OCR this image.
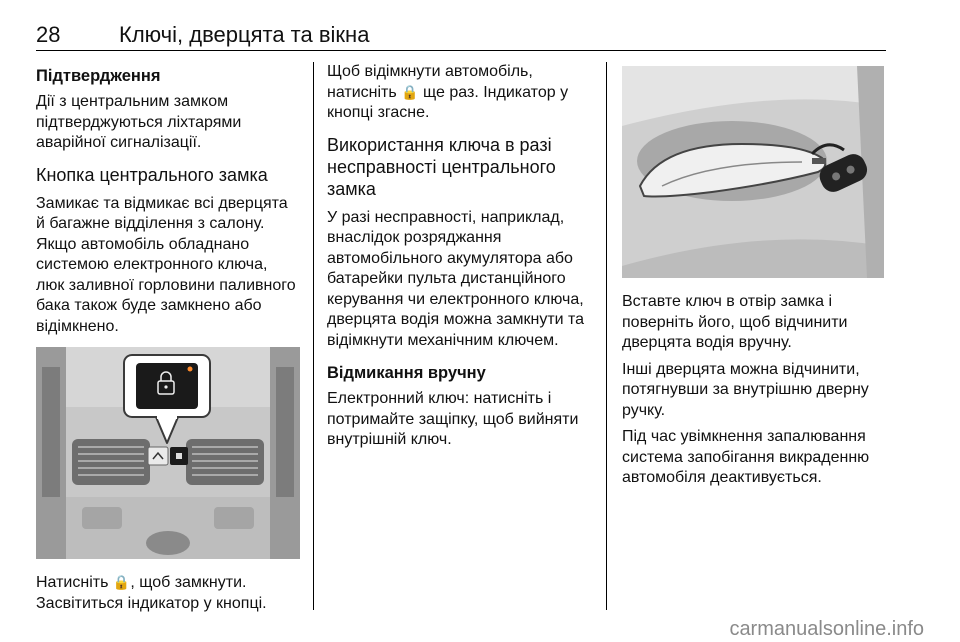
28	Ключі, дверцята та вікна
Підтвердження

Дії з центральним замком підтверджуються ліхтарями аварійної сигналізації.

Кнопка центрального замка

Замикає та відмикає всі дверцята й багажне відділення з салону. Якщо автомобіль обладнано системою електронного ключа, люк заливної горловини паливного бака також буде замкнено або відімкнено.

Натисніть 🔒, щоб замкнути.
Засвітиться індикатор у кнопці.

Щоб відімкнути автомобіль, натисніть 🔒 ще раз. Індикатор у кнопці згасне.

Використання ключа в разі несправності центрального замка

У разі несправності, наприклад, внаслідок розряджання автомобільного акумулятора або батарейки пульта дистанційного керування чи електронного ключа, дверцята водія можна замкнути та відімкнути механічним ключем.

Відмикання вручну

Електронний ключ: натисніть і потримайте защіпку, щоб вийняти внутрішній ключ.

Вставте ключ в отвір замка і поверніть його, щоб відчинити дверцята водія вручну.

Інші дверцята можна відчинити, потягнувши за внутрішню дверну ручку.

Під час увімкнення запалювання система запобігання викраденню автомобіля деактивується.

carmanualsonline.info
